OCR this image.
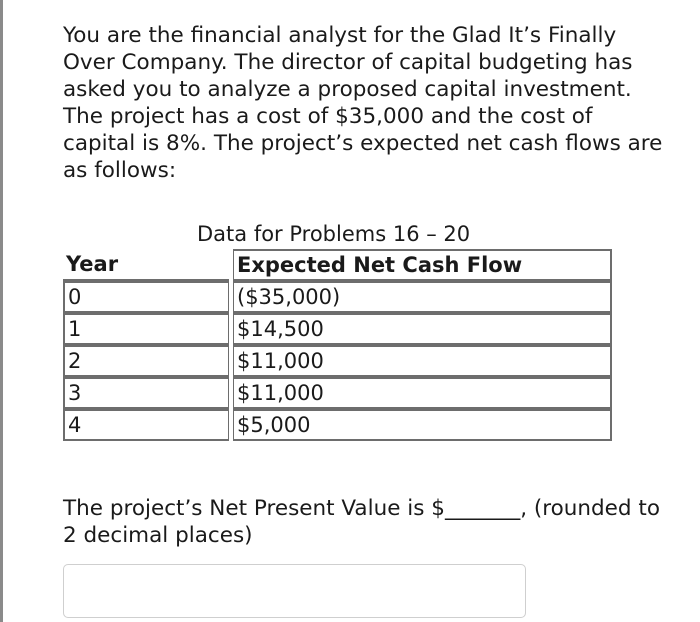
You are the financial analyst for the Glad It’s Finally Over Company. The director of capital budgeting has asked you to analyze a proposed capital investment. The project has a cost of $35,000 and the cost of capital is 8%. The project’s expected net cash flows are as follows:

Data for Problems 16 – 20

Year		Expected Net Cash Flow
0		($35,000)
1		$14,500
2		$11,000
3		$11,000
4		$5,000

The project’s Net Present Value is $_______, (rounded to 2 decimal places)
